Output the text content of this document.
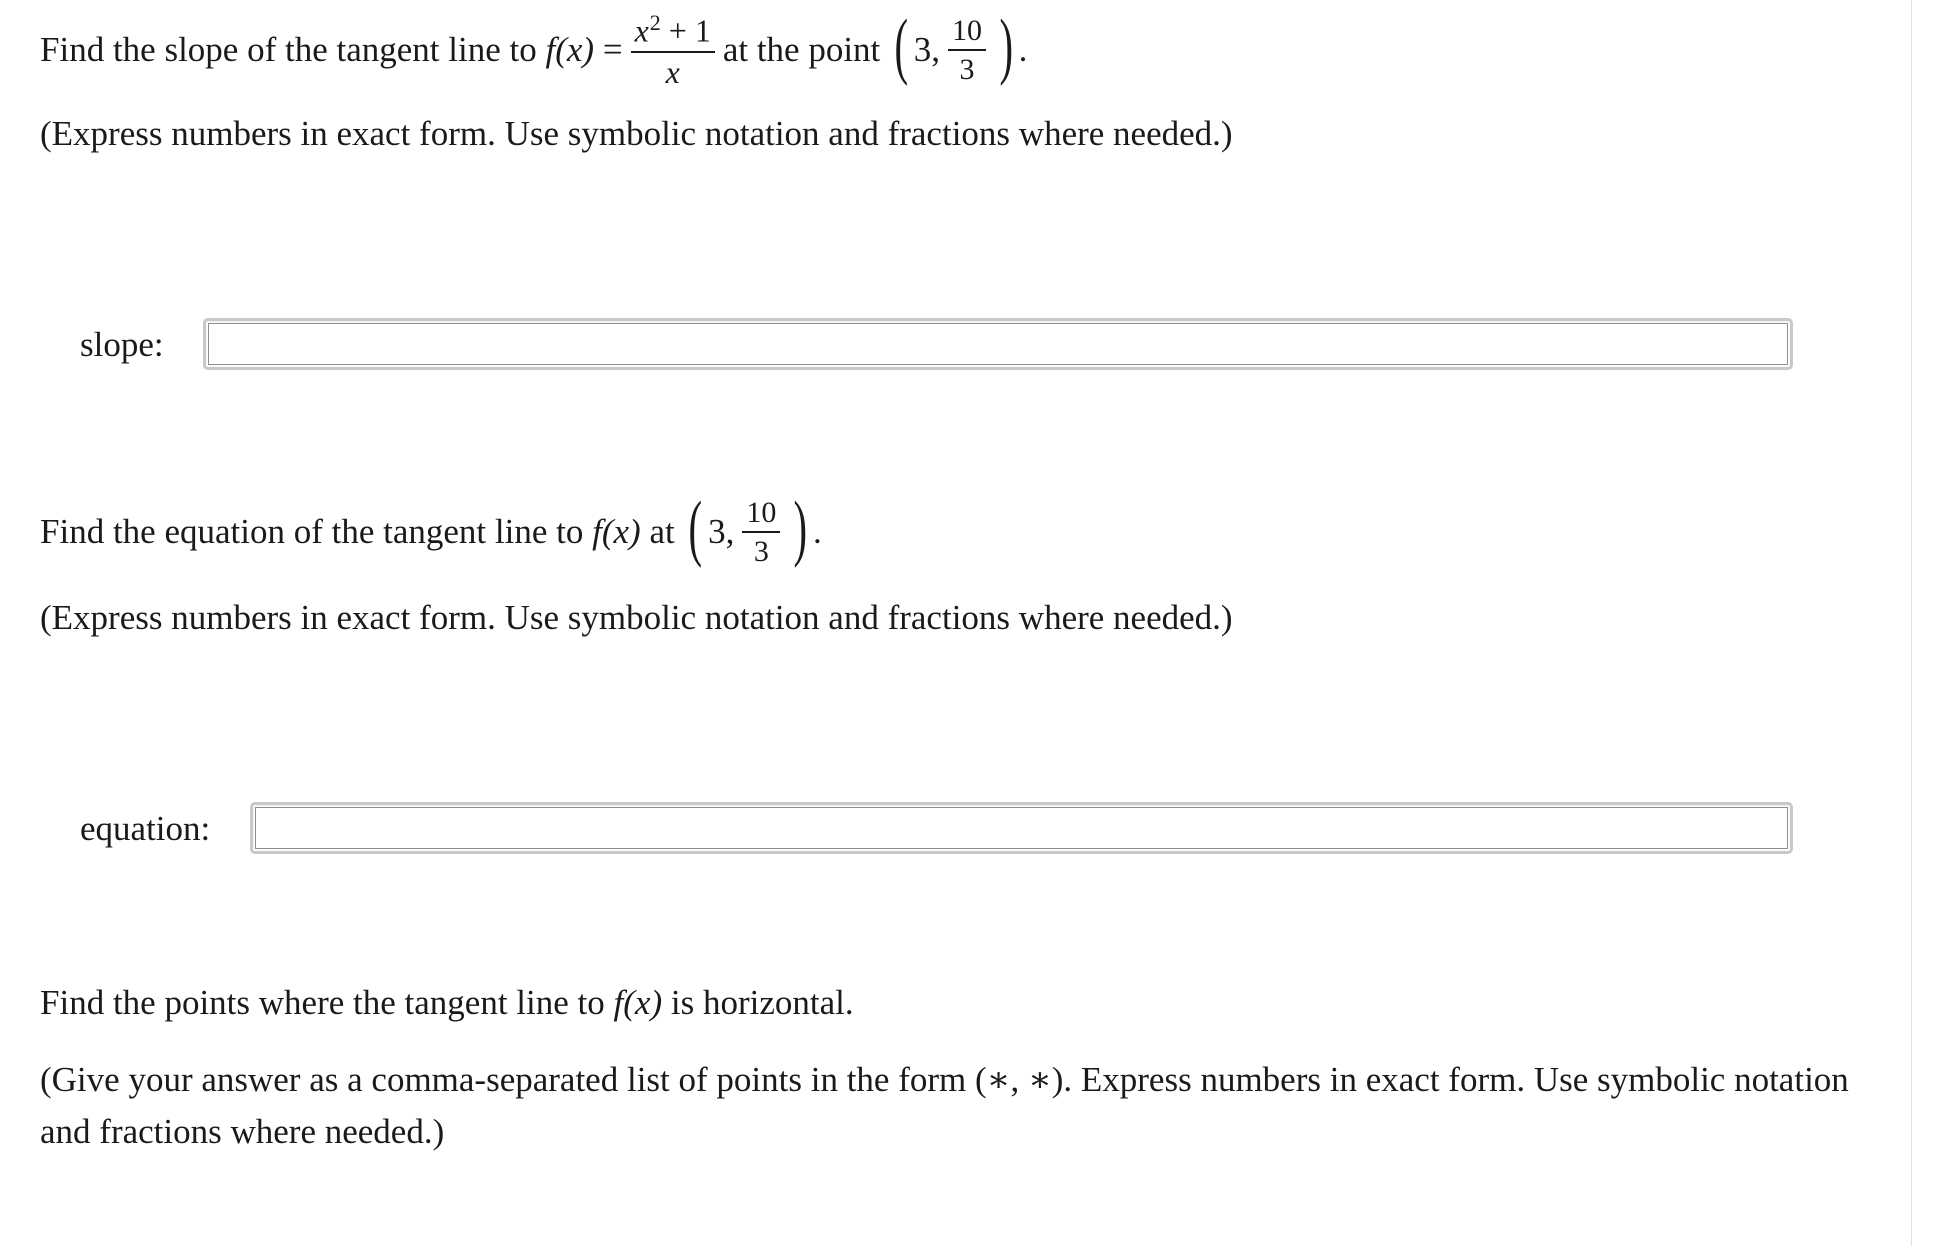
Find the slope of the tangent line to
f (x)
= $\frac{x^2 + 1}{x}$ at the point
( 3, $\frac{10}{3}$ ) .
(Express numbers in exact form. Use symbolic notation and fractions where needed.)
slope:
Find the equation of the tangent line to
f (x)
at
( 3, $\frac{10}{3}$ ) .
(Express numbers in exact form. Use symbolic notation and fractions where needed.)
equation:
Find the points where the tangent line to f(x) is horizontal.
(Give your answer as a comma-separated list of points in the form (∗, ∗). Express numbers in exact form. Use symbolic notation and fractions where needed.)
